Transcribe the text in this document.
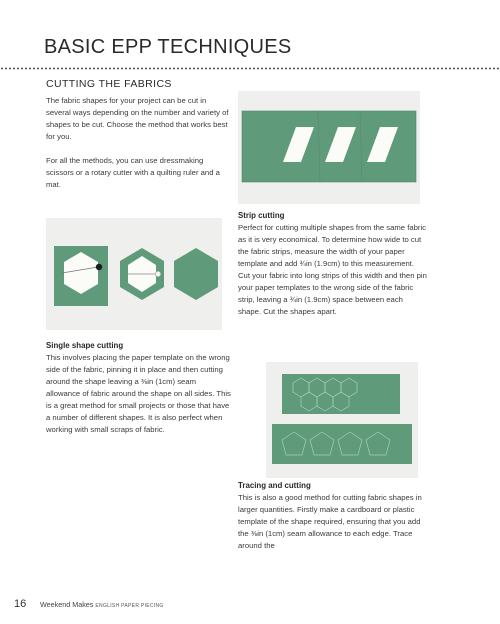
BASIC EPP TECHNIQUES
CUTTING THE FABRICS

The fabric shapes for your project can be cut in several ways depending on the number and variety of shapes to be cut. Choose the method that works best for you.

For all the methods, you can use dressmaking scissors or a rotary cutter with a quilting ruler and a mat.

Strip cutting
Perfect for cutting multiple shapes from the same fabric as it is very economical. To determine how wide to cut the fabric strips, measure the width of your paper template and add ¾in (1.9cm) to this measurement. Cut your fabric into long strips of this width and then pin your paper templates to the wrong side of the fabric strip, leaving a ¾in (1.9cm) space between each shape. Cut the shapes apart.
Single shape cutting
This involves placing the paper template on the wrong side of the fabric, pinning it in place and then cutting around the shape leaving a ⅜in (1cm) seam allowance of fabric around the shape on all sides. This is a great method for small projects or those that have a number of different shapes. It is also perfect when working with small scraps of fabric.
Tracing and cutting
This is also a good method for cutting fabric shapes in larger quantities. Firstly make a cardboard or plastic template of the shape required, ensuring that you add the ⅜in (1cm) seam allowance to each edge. Trace around the
16 Weekend Makes ENGLISH PAPER PIECING
